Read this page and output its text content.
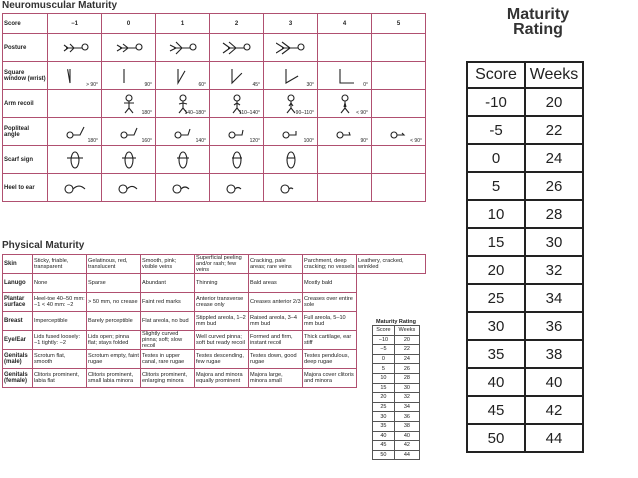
Neuromuscular Maturity
Score	−1	0	1	2	3	4	5
Posture	

Square window (wrist)	> 90°	90°	60°	45°	30°	0°	

Arm recoil		180°	140–180°	110–140°	90–110°	< 90°	

Popliteal angle	180°	160°	140°	120°	100°	90°	< 90°

Scarf sign	

Heel to ear	

Physical Maturity
Skin	Sticky, friable, transparent	Gelatinous, red, translucent	Smooth, pink; visible veins	Superficial peeling and/or rash; few veins	Cracking, pale areas; rare veins	Parchment, deep cracking; no vessels	Leathery, cracked, wrinkled
Lanugo	None	Sparse	Abundant	Thinning	Bald areas	Mostly bald	
Plantar surface	Heel-toe 40–50 mm: −1 < 40 mm: −2	> 50 mm, no crease	Faint red marks	Anterior transverse crease only	Creases anterior 2/3	Creases over entire sole	
Breast	Imperceptible	Barely perceptible	Flat areola, no bud	Stippled areola, 1–2 mm bud	Raised areola, 3–4 mm bud	Full areola, 5–10 mm bud	
Eye/Ear	Lids fused loosely: −1 tightly: −2	Lids open; pinna flat; stays folded	Slightly curved pinna; soft; slow recoil	Well curved pinna; soft but ready recoil	Formed and firm, instant recoil	Thick cartilage, ear stiff	
Genitals (male)	Scrotum flat, smooth	Scrotum empty, faint rugae	Testes in upper canal, rare rugae	Testes descending, few rugae	Testes down, good rugae	Testes pendulous, deep rugae	
Genitals (female)	Clitoris prominent, labia flat	Clitoris prominent, small labia minora	Clitoris prominent, enlarging minora	Majora and minora equally prominent	Majora large, minora small	Majora cover clitoris and minora	
Maturity Rating
Score	Weeks
−10	20
−5	22
0	24
5	26
10	28
15	30
20	32
25	34
30	36
35	38
40	40
45	42
50	44
Maturity
Rating
Score	Weeks
-10	20
-5	22
0	24
5	26
10	28
15	30
20	32
25	34
30	36
35	38
40	40
45	42
50	44
